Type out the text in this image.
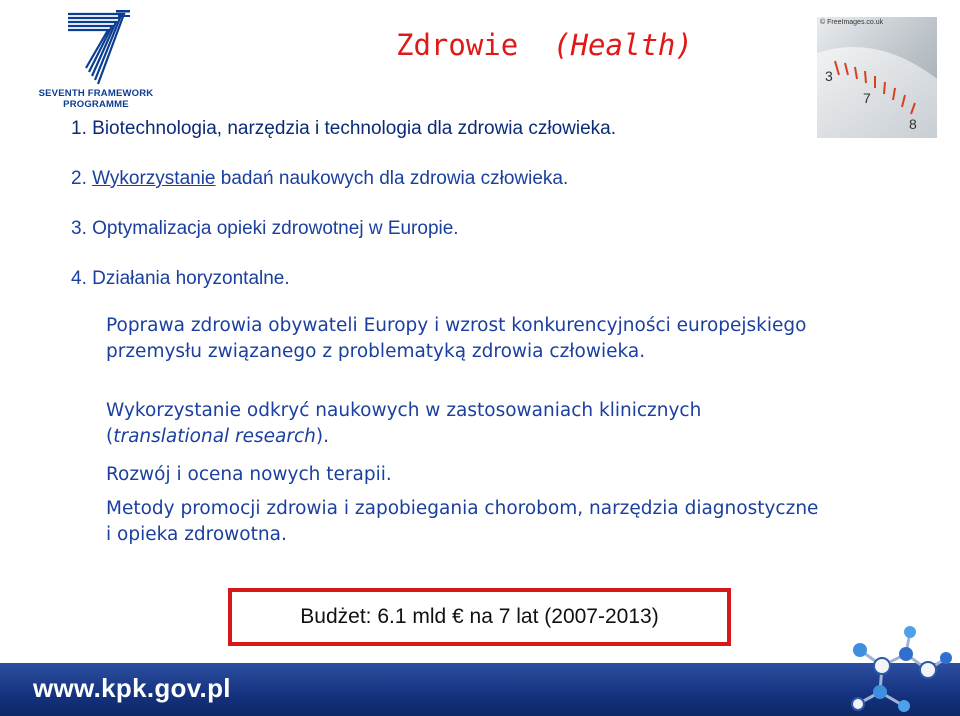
SEVENTH FRAMEWORK
PROGRAMME
Zdrowie (Health)
3
7
8
© FreeImages.co.uk
1. Biotechnologia, narzędzia i technologia dla zdrowia człowieka.
2. Wykorzystanie badań naukowych dla zdrowia człowieka.
3. Optymalizacja opieki zdrowotnej w Europie.
4. Działania horyzontalne.

Poprawa zdrowia obywateli Europy i wzrost konkurencyjności europejskiego przemysłu związanego z problematyką zdrowia człowieka.

Wykorzystanie odkryć naukowych w zastosowaniach klinicznych (translational research).

Rozwój i ocena nowych terapii.

Metody promocji zdrowia i zapobiegania chorobom, narzędzia diagnostyczne i opieka zdrowotna.

Budżet: 6.1 mld € na 7 lat (2007-2013)
www.kpk.gov.pl
